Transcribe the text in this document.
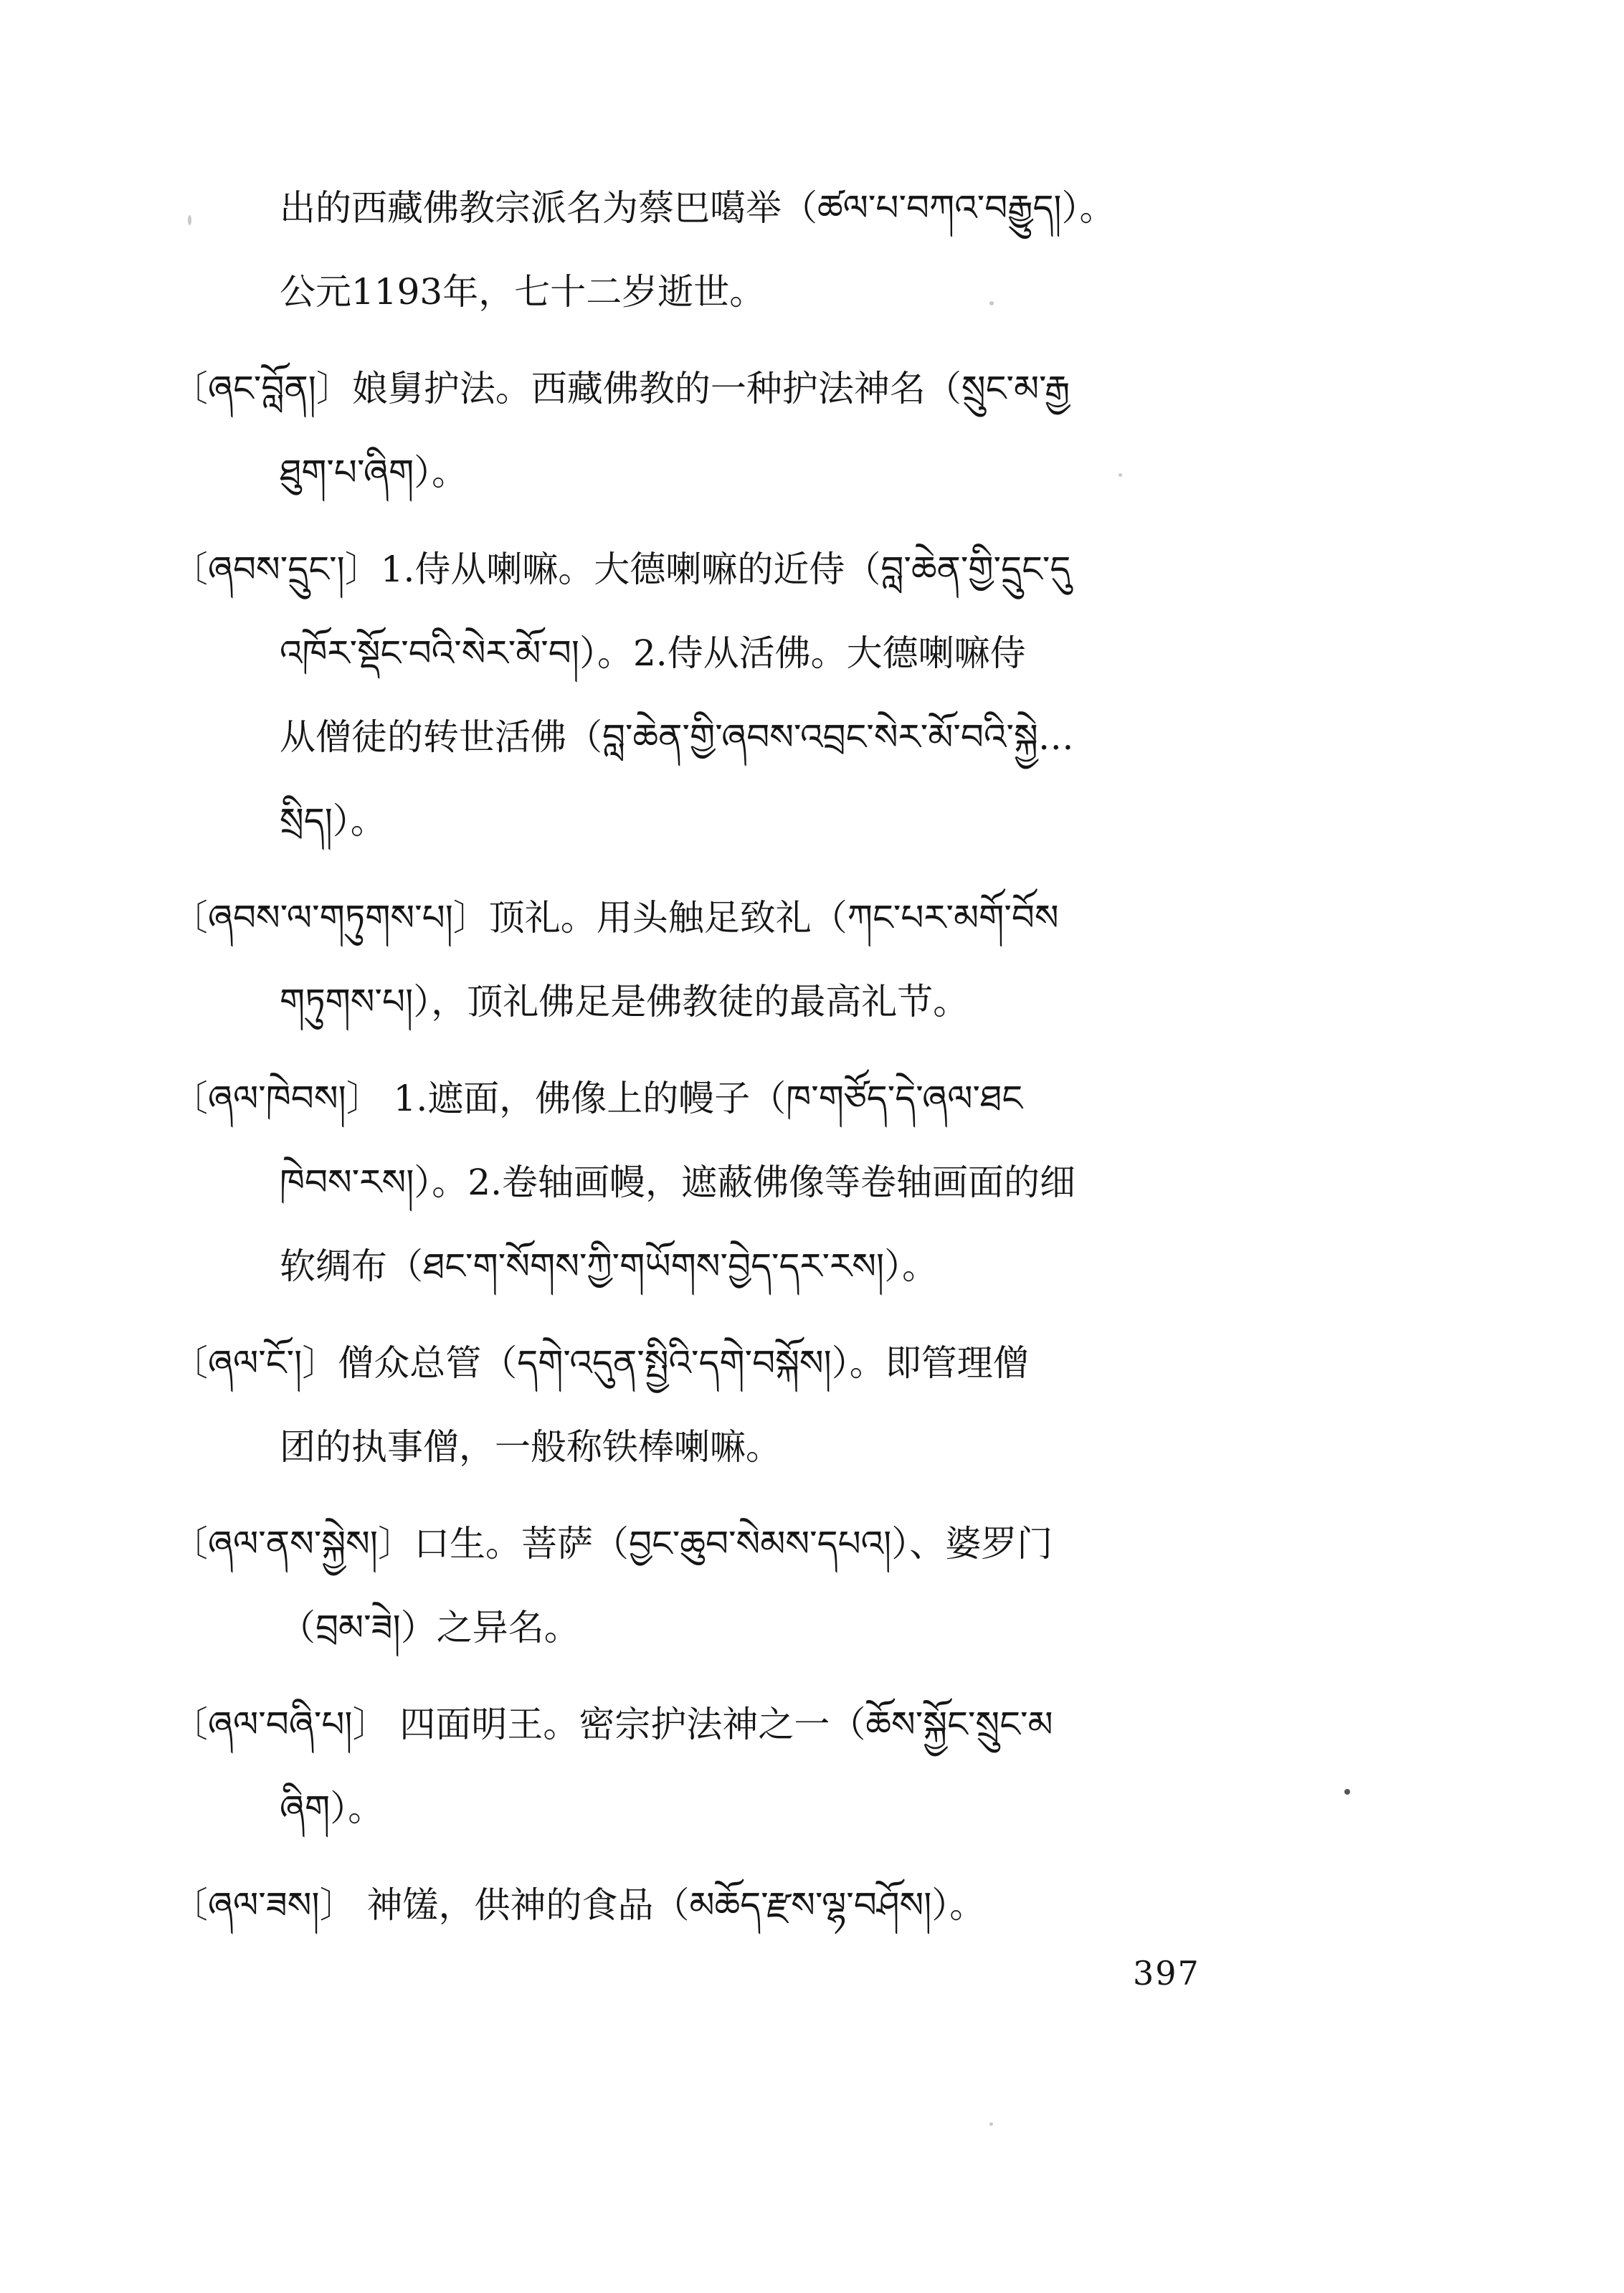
出的西藏佛教宗派名为蔡巴噶举（ཚལ་པ་བཀའ་བརྒྱུད།）。
公元1193年，七十二岁逝世。
〔ཞང་བློན།〕娘舅护法。西藏佛教的一种护法神名（སྲུང་མ་རྒྱ
ཐུག་པ་ཞིག）。
〔ཞབས་དྲུང་།〕1.侍从喇嘛。大德喇嘛的近侍（བླ་ཆེན་གྱི་དྲུང་དུ
འཁོར་སྡོང་བའི་སེར་མོ་བ།）。2.侍从活佛。大德喇嘛侍
从僧徒的转世活佛（བླ་ཆེན་གྱི་ཞབས་འབྲང་སེར་མོ་བའི་སྐྱེ…
སྲིད།）。
〔ཞབས་ལ་གཏུགས་པ།〕顶礼。用头触足致礼（ཀང་པར་མགོ་བོས
གཏུགས་པ།），顶礼佛足是佛教徒的最高礼节。
〔ཞལ་ཁེབས།〕 1.遮面，佛像上的幔子（ཁ་གཙོད་དེ་ཞལ་ཐང
ཁེབས་རས།）。2.卷轴画幔，遮蔽佛像等卷轴画面的细
软绸布（ཐང་ག་སོགས་ཀྱི་གཡོགས་བྱེད་དར་རས།）。
〔ཞལ་ངོ་།〕僧众总管（དགེ་འདུན་སྤྱིའི་དགེ་བསྐོས།）。即管理僧
团的执事僧，一般称铁棒喇嘛。
〔ཞལ་ནས་སྐྱེས།〕口生。菩萨（བྱང་ཆུབ་སེམས་དཔའ།）、婆罗门
（བྲམ་ཟེ།）之异名。
〔ཞལ་བཞི་པ།〕 四面明王。密宗护法神之一（ཆོས་སྐྱོང་སྲུང་མ
ཞིག）。
〔ཞལ་ཟས།〕 神馐，供神的食品（མཆོད་རྫས་ལྷ་བཤོས།）。
397
